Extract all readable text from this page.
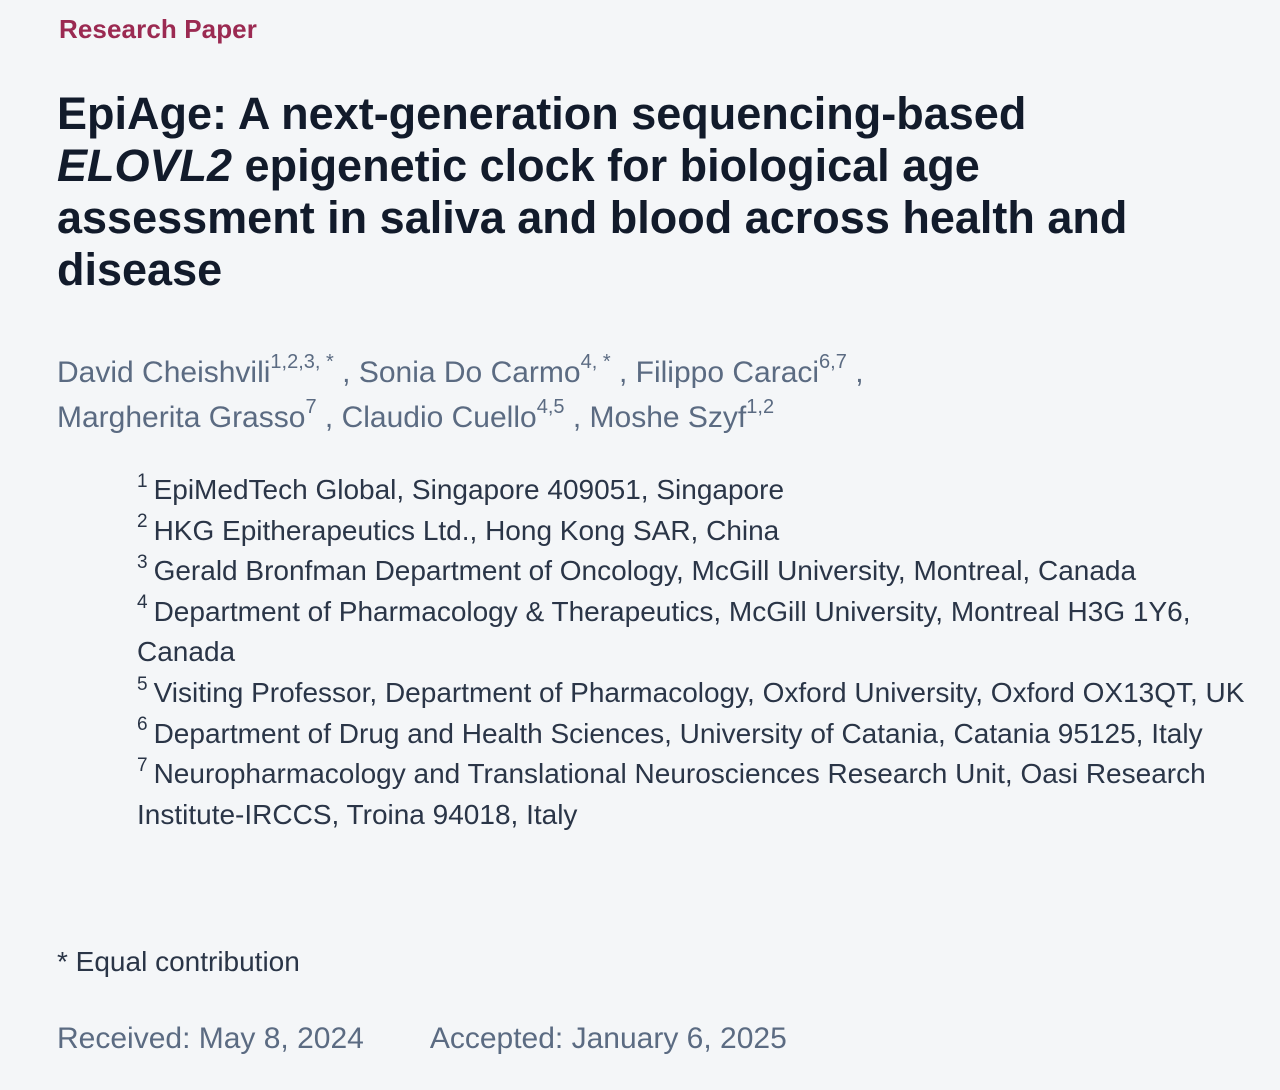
Research Paper
EpiAge: A next-generation sequencing-based
ELOVL2 epigenetic clock for biological age assessment in saliva and blood across health and disease
David Cheishvili$^{1,2,3, *}$ , Sonia Do Carmo$^{4, *}$ , Filippo Caraci$^{6,7}$ ,
Margherita Grasso$^7$ , Claudio Cuello$^{4,5}$ , Moshe Szyf$^{1,2}$
$^1$ EpiMedTech Global, Singapore 409051, Singapore
$^2$ HKG Epitherapeutics Ltd., Hong Kong SAR, China
$^3$ Gerald Bronfman Department of Oncology, McGill University, Montreal, Canada
$^4$ Department of Pharmacology & Therapeutics, McGill University, Montreal H3G 1Y6, Canada
$^5$ Visiting Professor, Department of Pharmacology, Oxford University, Oxford OX13QT, UK
$^6$ Department of Drug and Health Sciences, University of Catania, Catania 95125, Italy
$^7$ Neuropharmacology and Translational Neurosciences Research Unit, Oasi Research Institute-IRCCS, Troina 94018, Italy
* Equal contribution
Received: May 8, 2024 Accepted: January 6, 2025
